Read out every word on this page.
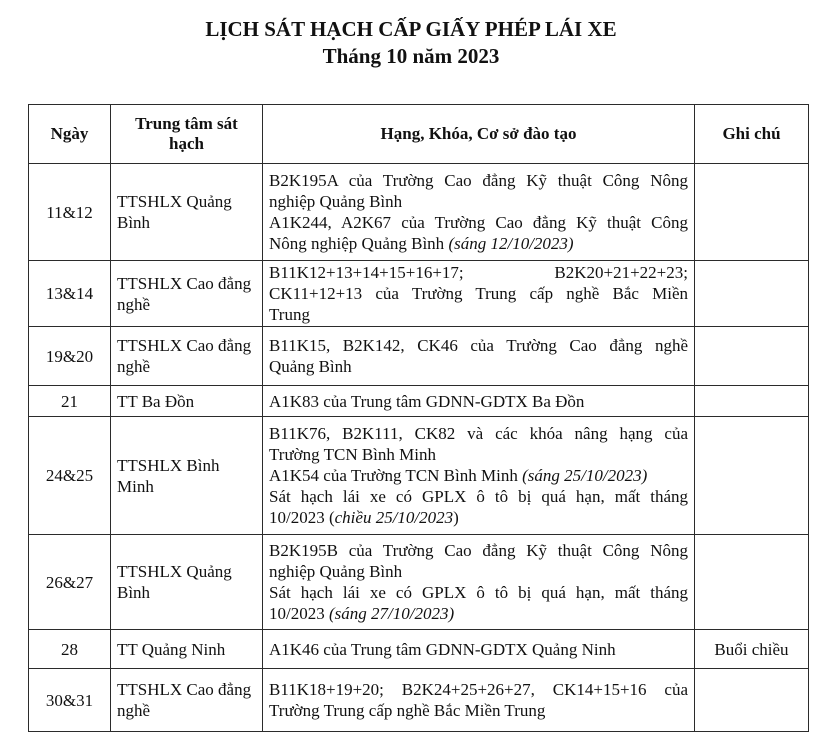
LỊCH SÁT HẠCH CẤP GIẤY PHÉP LÁI XE
Tháng 10 năm 2023
Ngày	Trung tâm sát hạch	Hạng, Khóa, Cơ sở đào tạo	Ghi chú
11&12	TTSHLX Quảng Bình	B2K195A của Trường Cao đẳng Kỹ thuật Công Nông
nghiệp Quảng Bình
A1K244, A2K67 của Trường Cao đẳng Kỹ thuật Công
Nông nghiệp Quảng Bình (sáng 12/10/2023)	

13&14	TTSHLX Cao đẳng nghề	B11K12+13+14+15+16+17; B2K20+21+22+23;
CK11+12+13 của Trường Trung cấp nghề Bắc Miền
Trung	

19&20	TTSHLX Cao đẳng nghề	B11K15, B2K142, CK46 của Trường Cao đẳng nghề
Quảng Bình	

21	TT Ba Đồn	A1K83 của Trung tâm GDNN-GDTX Ba Đồn	

24&25	TTSHLX Bình Minh	B11K76, B2K111, CK82 và các khóa nâng hạng của
Trường TCN Bình Minh
A1K54 của Trường TCN Bình Minh (sáng 25/10/2023)
Sát hạch lái xe có GPLX ô tô bị quá hạn, mất tháng
10/2023 (chiều 25/10/2023)	

26&27	TTSHLX Quảng Bình	B2K195B của Trường Cao đẳng Kỹ thuật Công Nông
nghiệp Quảng Bình
Sát hạch lái xe có GPLX ô tô bị quá hạn, mất tháng
10/2023 (sáng 27/10/2023)	

28	TT Quảng Ninh	A1K46 của Trung tâm GDNN-GDTX Quảng Ninh	Buổi chiều
30&31	TTSHLX Cao đẳng nghề	B11K18+19+20; B2K24+25+26+27, CK14+15+16 của
Trường Trung cấp nghề Bắc Miền Trung	
